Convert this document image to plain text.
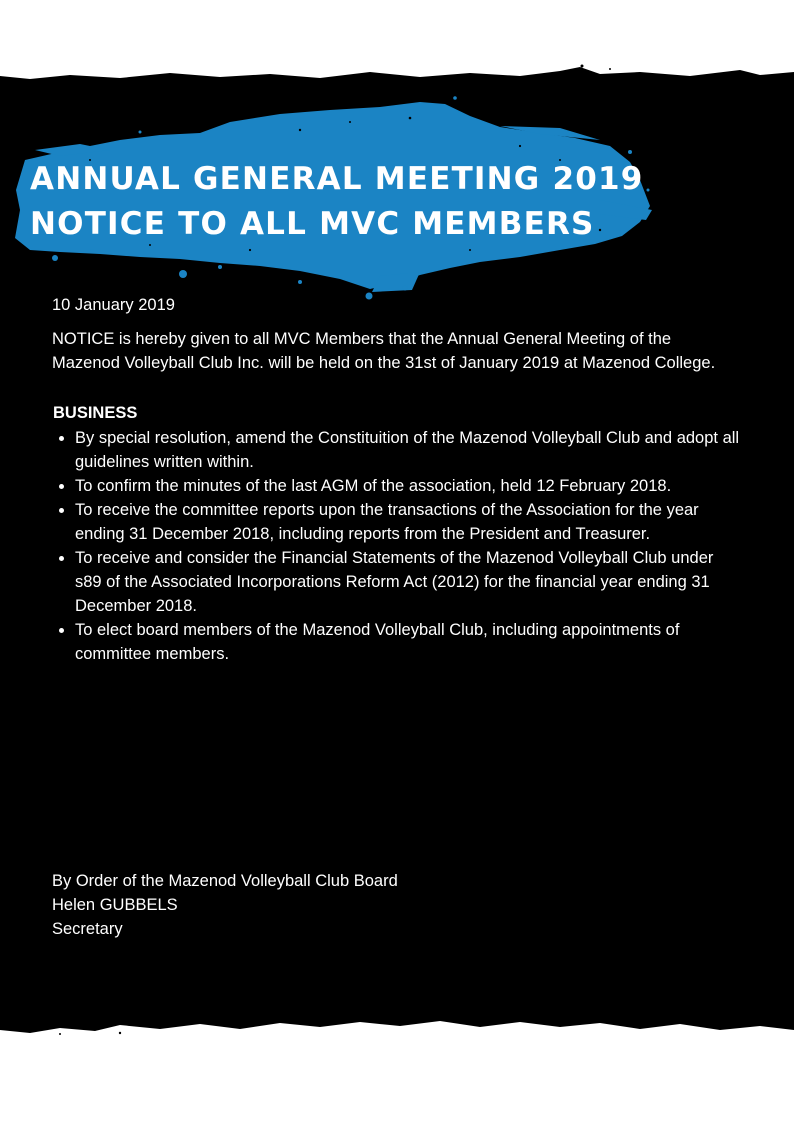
ANNUAL GENERAL MEETING 2019
NOTICE TO ALL MVC MEMBERS

10 January 2019

NOTICE is hereby given to all MVC Members that the Annual General Meeting of the Mazenod Volleyball Club Inc. will be held on the 31st of January 2019 at Mazenod College.

BUSINESS

• By special resolution, amend the Constituition of the Mazenod Volleyball Club and adopt all guidelines written within.
• To confirm the minutes of the last AGM of the association, held 12 February 2018.
• To receive the committee reports upon the transactions of the Association for the year ending 31 December 2018, including reports from the President and Treasurer.
• To receive and consider the Financial Statements of the Mazenod Volleyball Club under s89 of the Associated Incorporations Reform Act (2012) for the financial year ending 31 December 2018.
• To elect board members of the Mazenod Volleyball Club, including appointments of committee members.
By Order of the Mazenod Volleyball Club Board
Helen GUBBELS
Secretary
